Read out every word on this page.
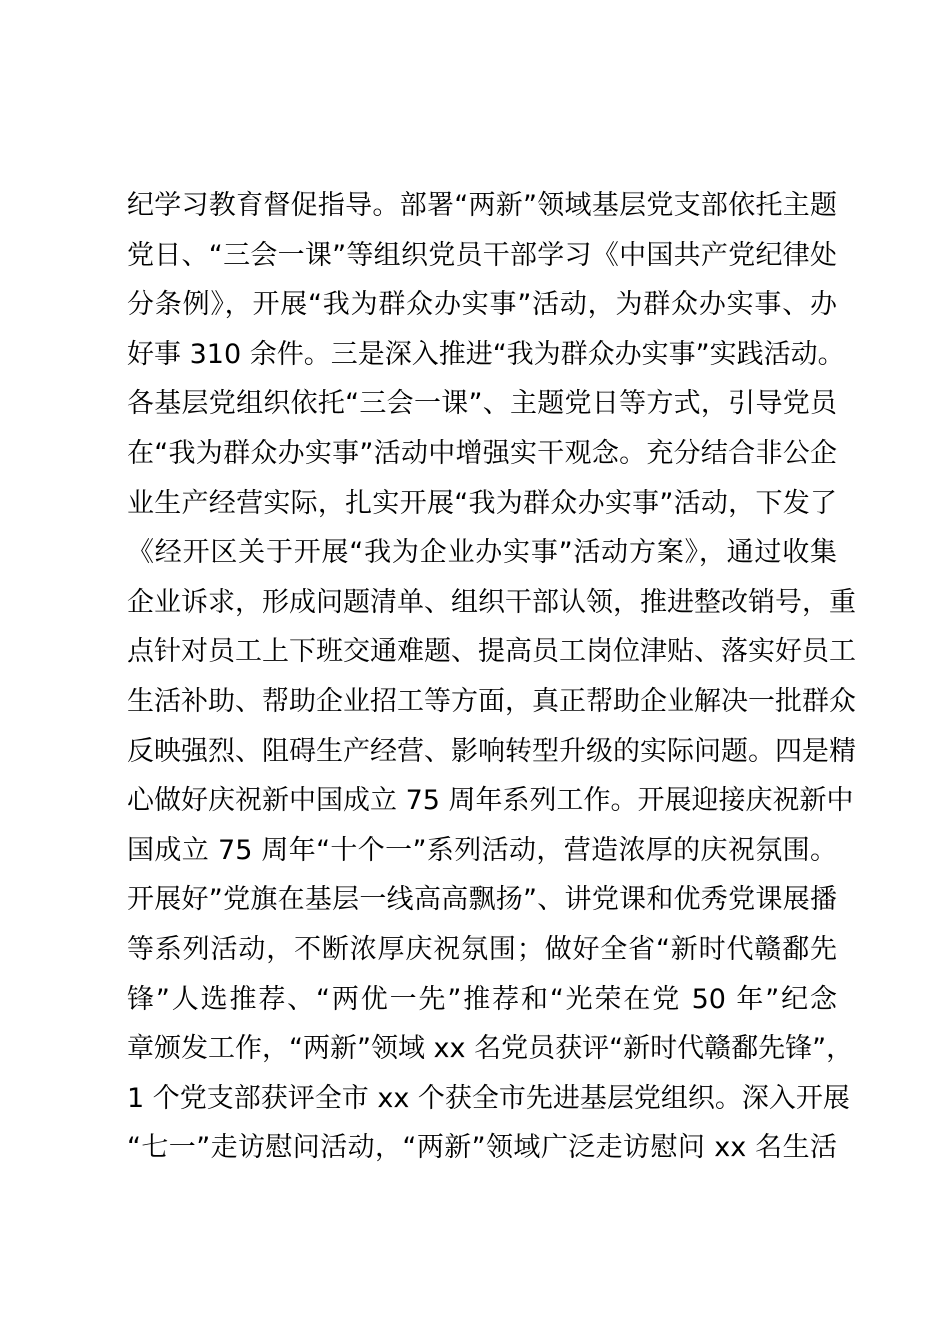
纪学习教育督促指导。部署“两新”领域基层党支部依托主题
党日、“三会一课”等组织党员干部学习《中国共产党纪律处
分条例》，开展“我为群众办实事”活动，为群众办实事、办
好事 310 余件。三是深入推进“我为群众办实事”实践活动。
各基层党组织依托“三会一课”、主题党日等方式，引导党员
在“我为群众办实事”活动中增强实干观念。充分结合非公企
业生产经营实际，扎实开展“我为群众办实事”活动，下发了
《经开区关于开展“我为企业办实事”活动方案》，通过收集
企业诉求，形成问题清单、组织干部认领，推进整改销号，重
点针对员工上下班交通难题、提高员工岗位津贴、落实好员工
生活补助、帮助企业招工等方面，真正帮助企业解决一批群众
反映强烈、阻碍生产经营、影响转型升级的实际问题。四是精
心做好庆祝新中国成立 75 周年系列工作。开展迎接庆祝新中
国成立 75 周年“十个一”系列活动，营造浓厚的庆祝氛围。
开展好”党旗在基层一线高高飘扬”、讲党课和优秀党课展播
等系列活动，不断浓厚庆祝氛围；做好全省“新时代赣鄱先
锋”人选推荐、“两优一先”推荐和“光荣在党 50 年”纪念
章颁发工作，“两新”领域 xx 名党员获评“新时代赣鄱先锋”，
1 个党支部获评全市 xx 个获全市先进基层党组织。深入开展
“七一”走访慰问活动，“两新”领域广泛走访慰问 xx 名生活
